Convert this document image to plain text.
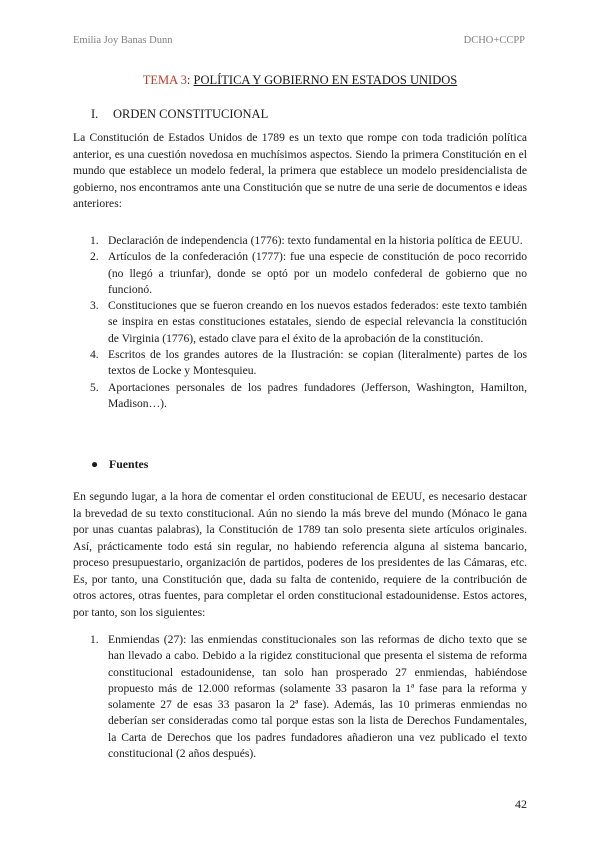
Emilia Joy Banas Dunn	DCHO+CCPP
TEMA 3: POLÍTICA Y GOBIERNO EN ESTADOS UNIDOS
I. ORDEN CONSTITUCIONAL

La Constitución de Estados Unidos de 1789 es un texto que rompe con toda tradición política anterior, es una cuestión novedosa en muchísimos aspectos. Siendo la primera Constitución en el mundo que establece un modelo federal, la primera que establece un modelo presidencialista de gobierno, nos encontramos ante una Constitución que se nutre de una serie de documentos e ideas anteriores:

1. Declaración de independencia (1776): texto fundamental en la historia política de EEUU.
2. Artículos de la confederación (1777): fue una especie de constitución de poco recorrido (no llegó a triunfar), donde se optó por un modelo confederal de gobierno que no funcionó.
3. Constituciones que se fueron creando en los nuevos estados federados: este texto también se inspira en estas constituciones estatales, siendo de especial relevancia la constitución de Virginia (1776), estado clave para el éxito de la aprobación de la constitución.
4. Escritos de los grandes autores de la Ilustración: se copian (literalmente) partes de los textos de Locke y Montesquieu.
5. Aportaciones personales de los padres fundadores (Jefferson, Washington, Hamilton, Madison…).
● Fuentes

En segundo lugar, a la hora de comentar el orden constitucional de EEUU, es necesario destacar la brevedad de su texto constitucional. Aún no siendo la más breve del mundo (Mónaco le gana por unas cuantas palabras), la Constitución de 1789 tan solo presenta siete artículos originales. Así, prácticamente todo está sin regular, no habiendo referencia alguna al sistema bancario, proceso presupuestario, organización de partidos, poderes de los presidentes de las Cámaras, etc. Es, por tanto, una Constitución que, dada su falta de contenido, requiere de la contribución de otros actores, otras fuentes, para completar el orden constitucional estadounidense. Estos actores, por tanto, son los siguientes:

1. Enmiendas (27): las enmiendas constitucionales son las reformas de dicho texto que se han llevado a cabo. Debido a la rigidez constitucional que presenta el sistema de reforma constitucional estadounidense, tan solo han prosperado 27 enmiendas, habiéndose propuesto más de 12.000 reformas (solamente 33 pasaron la 1ª fase para la reforma y solamente 27 de esas 33 pasaron la 2ª fase). Además, las 10 primeras enmiendas no deberían ser consideradas como tal porque estas son la lista de Derechos Fundamentales, la Carta de Derechos que los padres fundadores añadieron una vez publicado el texto constitucional (2 años después).
42
